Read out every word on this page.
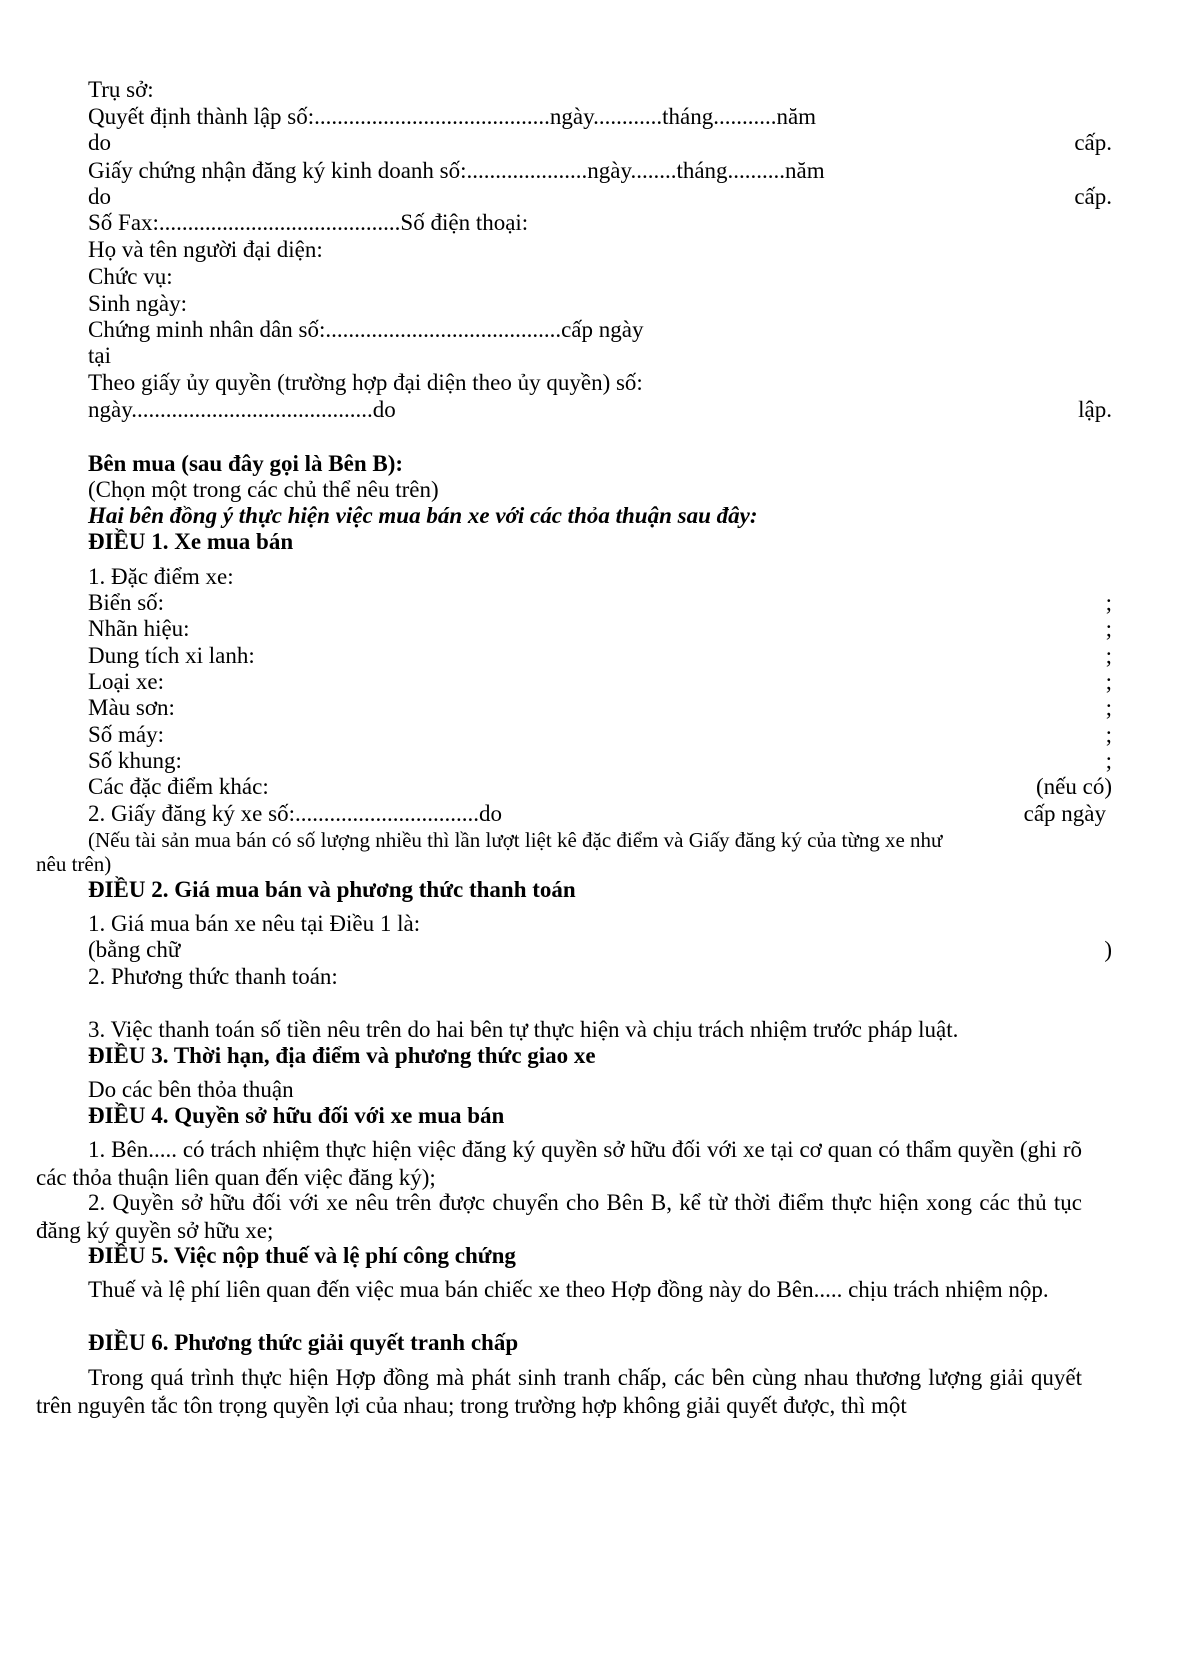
Trụ sở:
Quyết định thành lập số:.........................................ngày............tháng...........năm
do	cấp.
Giấy chứng nhận đăng ký kinh doanh số:.....................ngày........tháng..........năm
do	cấp.
Số Fax:..........................................Số điện thoại:
Họ và tên người đại diện:
Chức vụ:
Sinh ngày:
Chứng minh nhân dân số:.........................................cấp ngày
tại
Theo giấy ủy quyền (trường hợp đại diện theo ủy quyền) số:
ngày..........................................do	lập.
Bên mua (sau đây gọi là Bên B):
(Chọn một trong các chủ thể nêu trên)
Hai bên đồng ý thực hiện việc mua bán xe với các thỏa thuận sau đây:
ĐIỀU 1. Xe mua bán
1. Đặc điểm xe:
Biển số:	;
Nhãn hiệu:	;
Dung tích xi lanh:	;
Loại xe:	;
Màu sơn:	;
Số máy:	;
Số khung:	;
Các đặc điểm khác:	(nếu có)
2. Giấy đăng ký xe số:................................do	cấp ngày
(Nếu tài sản mua bán có số lượng nhiều thì lần lượt liệt kê đặc điểm và Giấy đăng ký của từng xe như
nêu trên)
ĐIỀU 2. Giá mua bán và phương thức thanh toán
1. Giá mua bán xe nêu tại Điều 1 là:
(bằng chữ	)
2. Phương thức thanh toán:
3. Việc thanh toán số tiền nêu trên do hai bên tự thực hiện và chịu trách nhiệm trước pháp luật.
ĐIỀU 3. Thời hạn, địa điểm và phương thức giao xe
Do các bên thỏa thuận
ĐIỀU 4. Quyền sở hữu đối với xe mua bán
1. Bên..... có trách nhiệm thực hiện việc đăng ký quyền sở hữu đối với xe tại cơ quan có thẩm quyền (ghi rõ các thỏa thuận liên quan đến việc đăng ký);
2. Quyền sở hữu đối với xe nêu trên được chuyển cho Bên B, kể từ thời điểm thực hiện xong các thủ tục đăng ký quyền sở hữu xe;
ĐIỀU 5. Việc nộp thuế và lệ phí công chứng
Thuế và lệ phí liên quan đến việc mua bán chiếc xe theo Hợp đồng này do Bên..... chịu trách nhiệm nộp.
ĐIỀU 6. Phương thức giải quyết tranh chấp
Trong quá trình thực hiện Hợp đồng mà phát sinh tranh chấp, các bên cùng nhau thương lượng giải quyết trên nguyên tắc tôn trọng quyền lợi của nhau; trong trường hợp không giải quyết được, thì một
